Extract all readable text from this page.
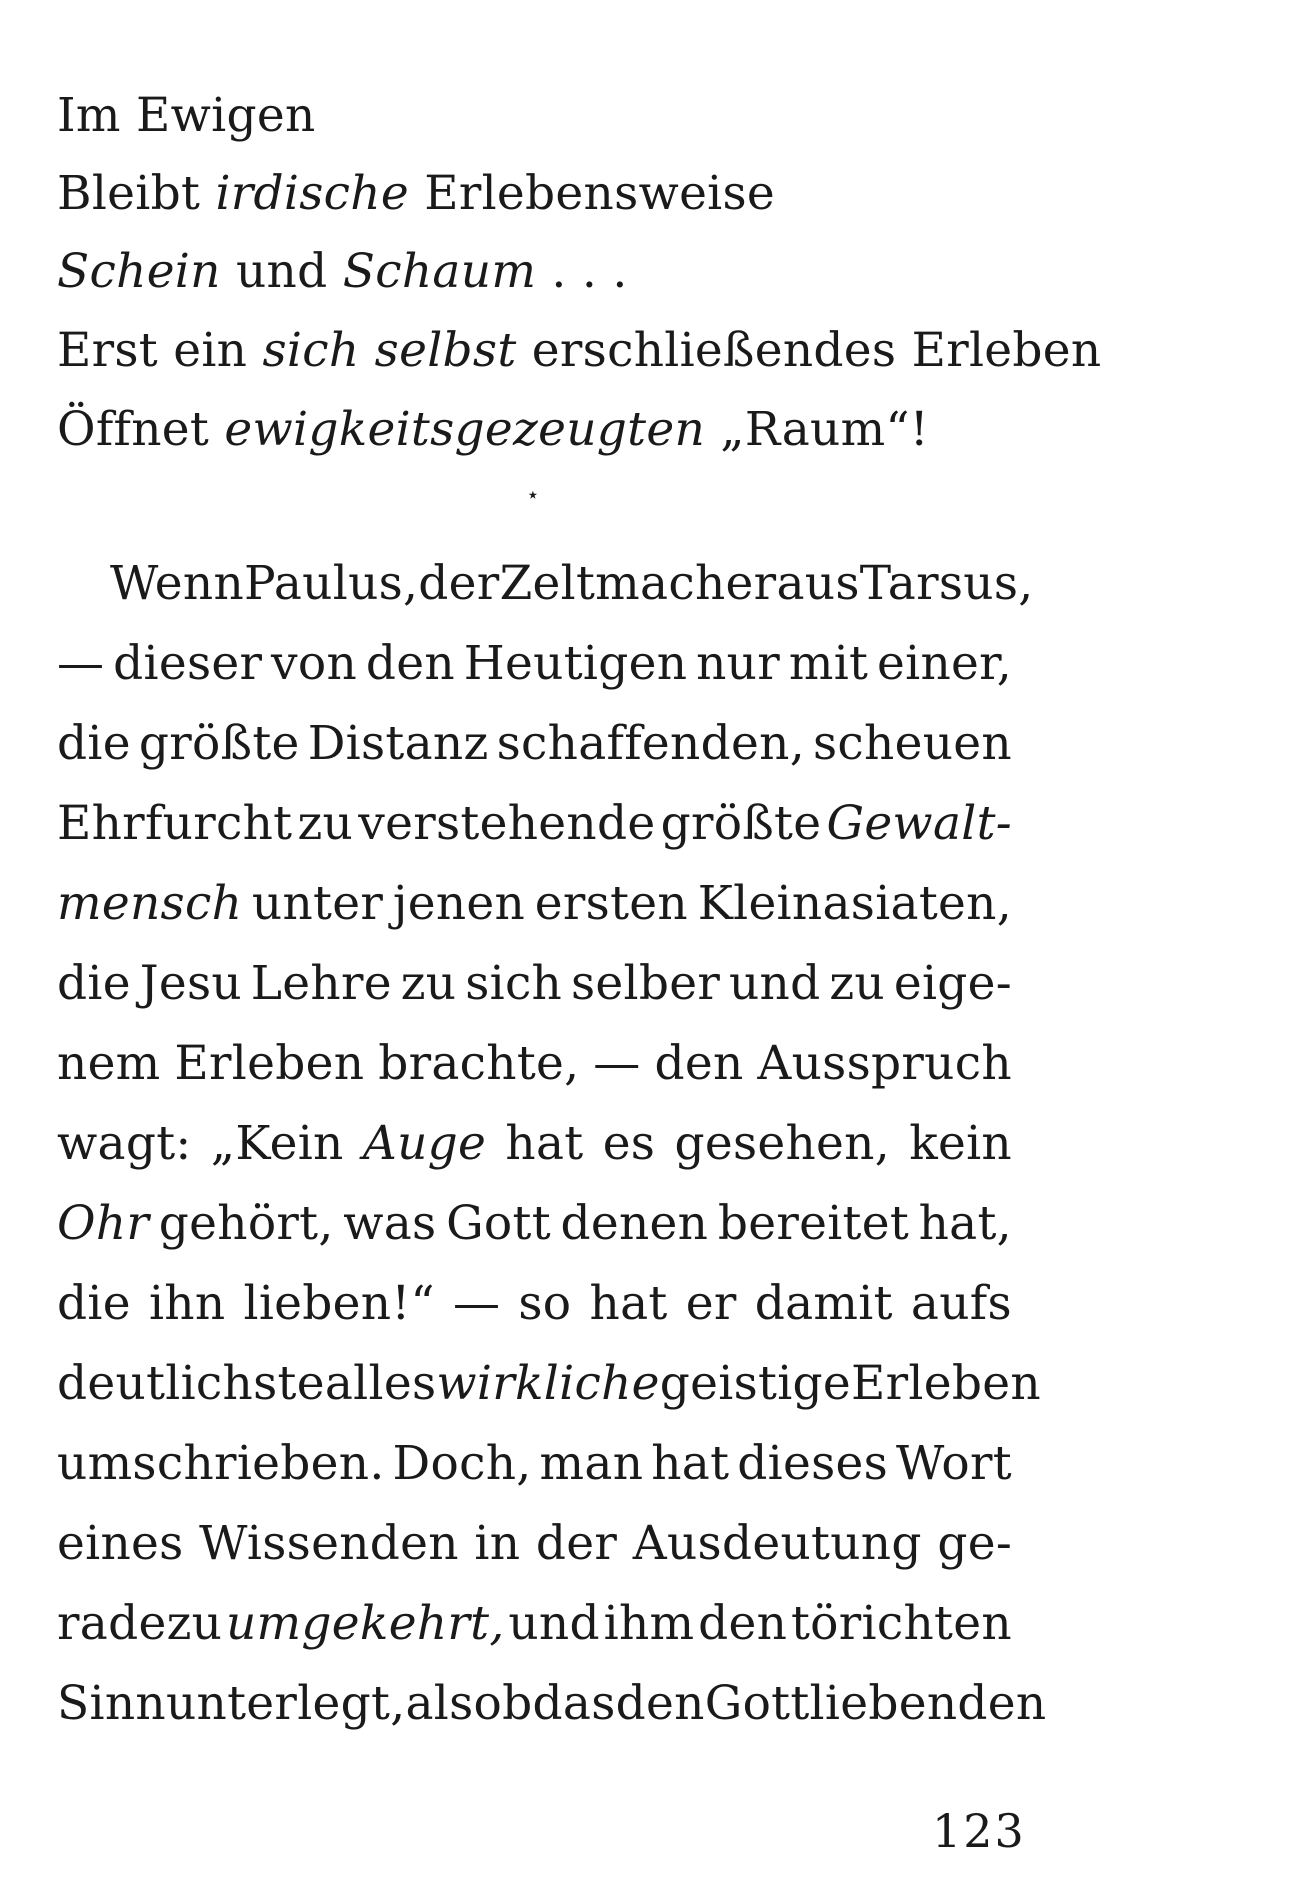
Im Ewigen
Bleibt irdische Erlebensweise
Schein und Schaum . . .
Erst ein sich selbst erschließendes Erleben
Öffnet ewigkeitsgezeugten „Raum“!
⋆
Wenn Paulus, der Zeltmacher aus Tarsus,
— dieser von den Heutigen nur mit einer,
die größte Distanz schaffenden, scheuen
Ehrfurcht zu verstehende größte Gewalt-
mensch unter jenen ersten Kleinasiaten,
die Jesu Lehre zu sich selber und zu eige-
nem Erleben brachte, — den Ausspruch
wagt: „Kein Auge hat es gesehen, kein
Ohr gehört, was Gott denen bereitet hat,
die ihn lieben!“ — so hat er damit aufs
deutlichste alles wirkliche geistige Erleben
umschrieben. Doch, man hat dieses Wort
eines Wissenden in der Ausdeutung ge-
radezu umgekehrt, und ihm den törichten
Sinn unterlegt, als ob das den Gottliebenden
123
